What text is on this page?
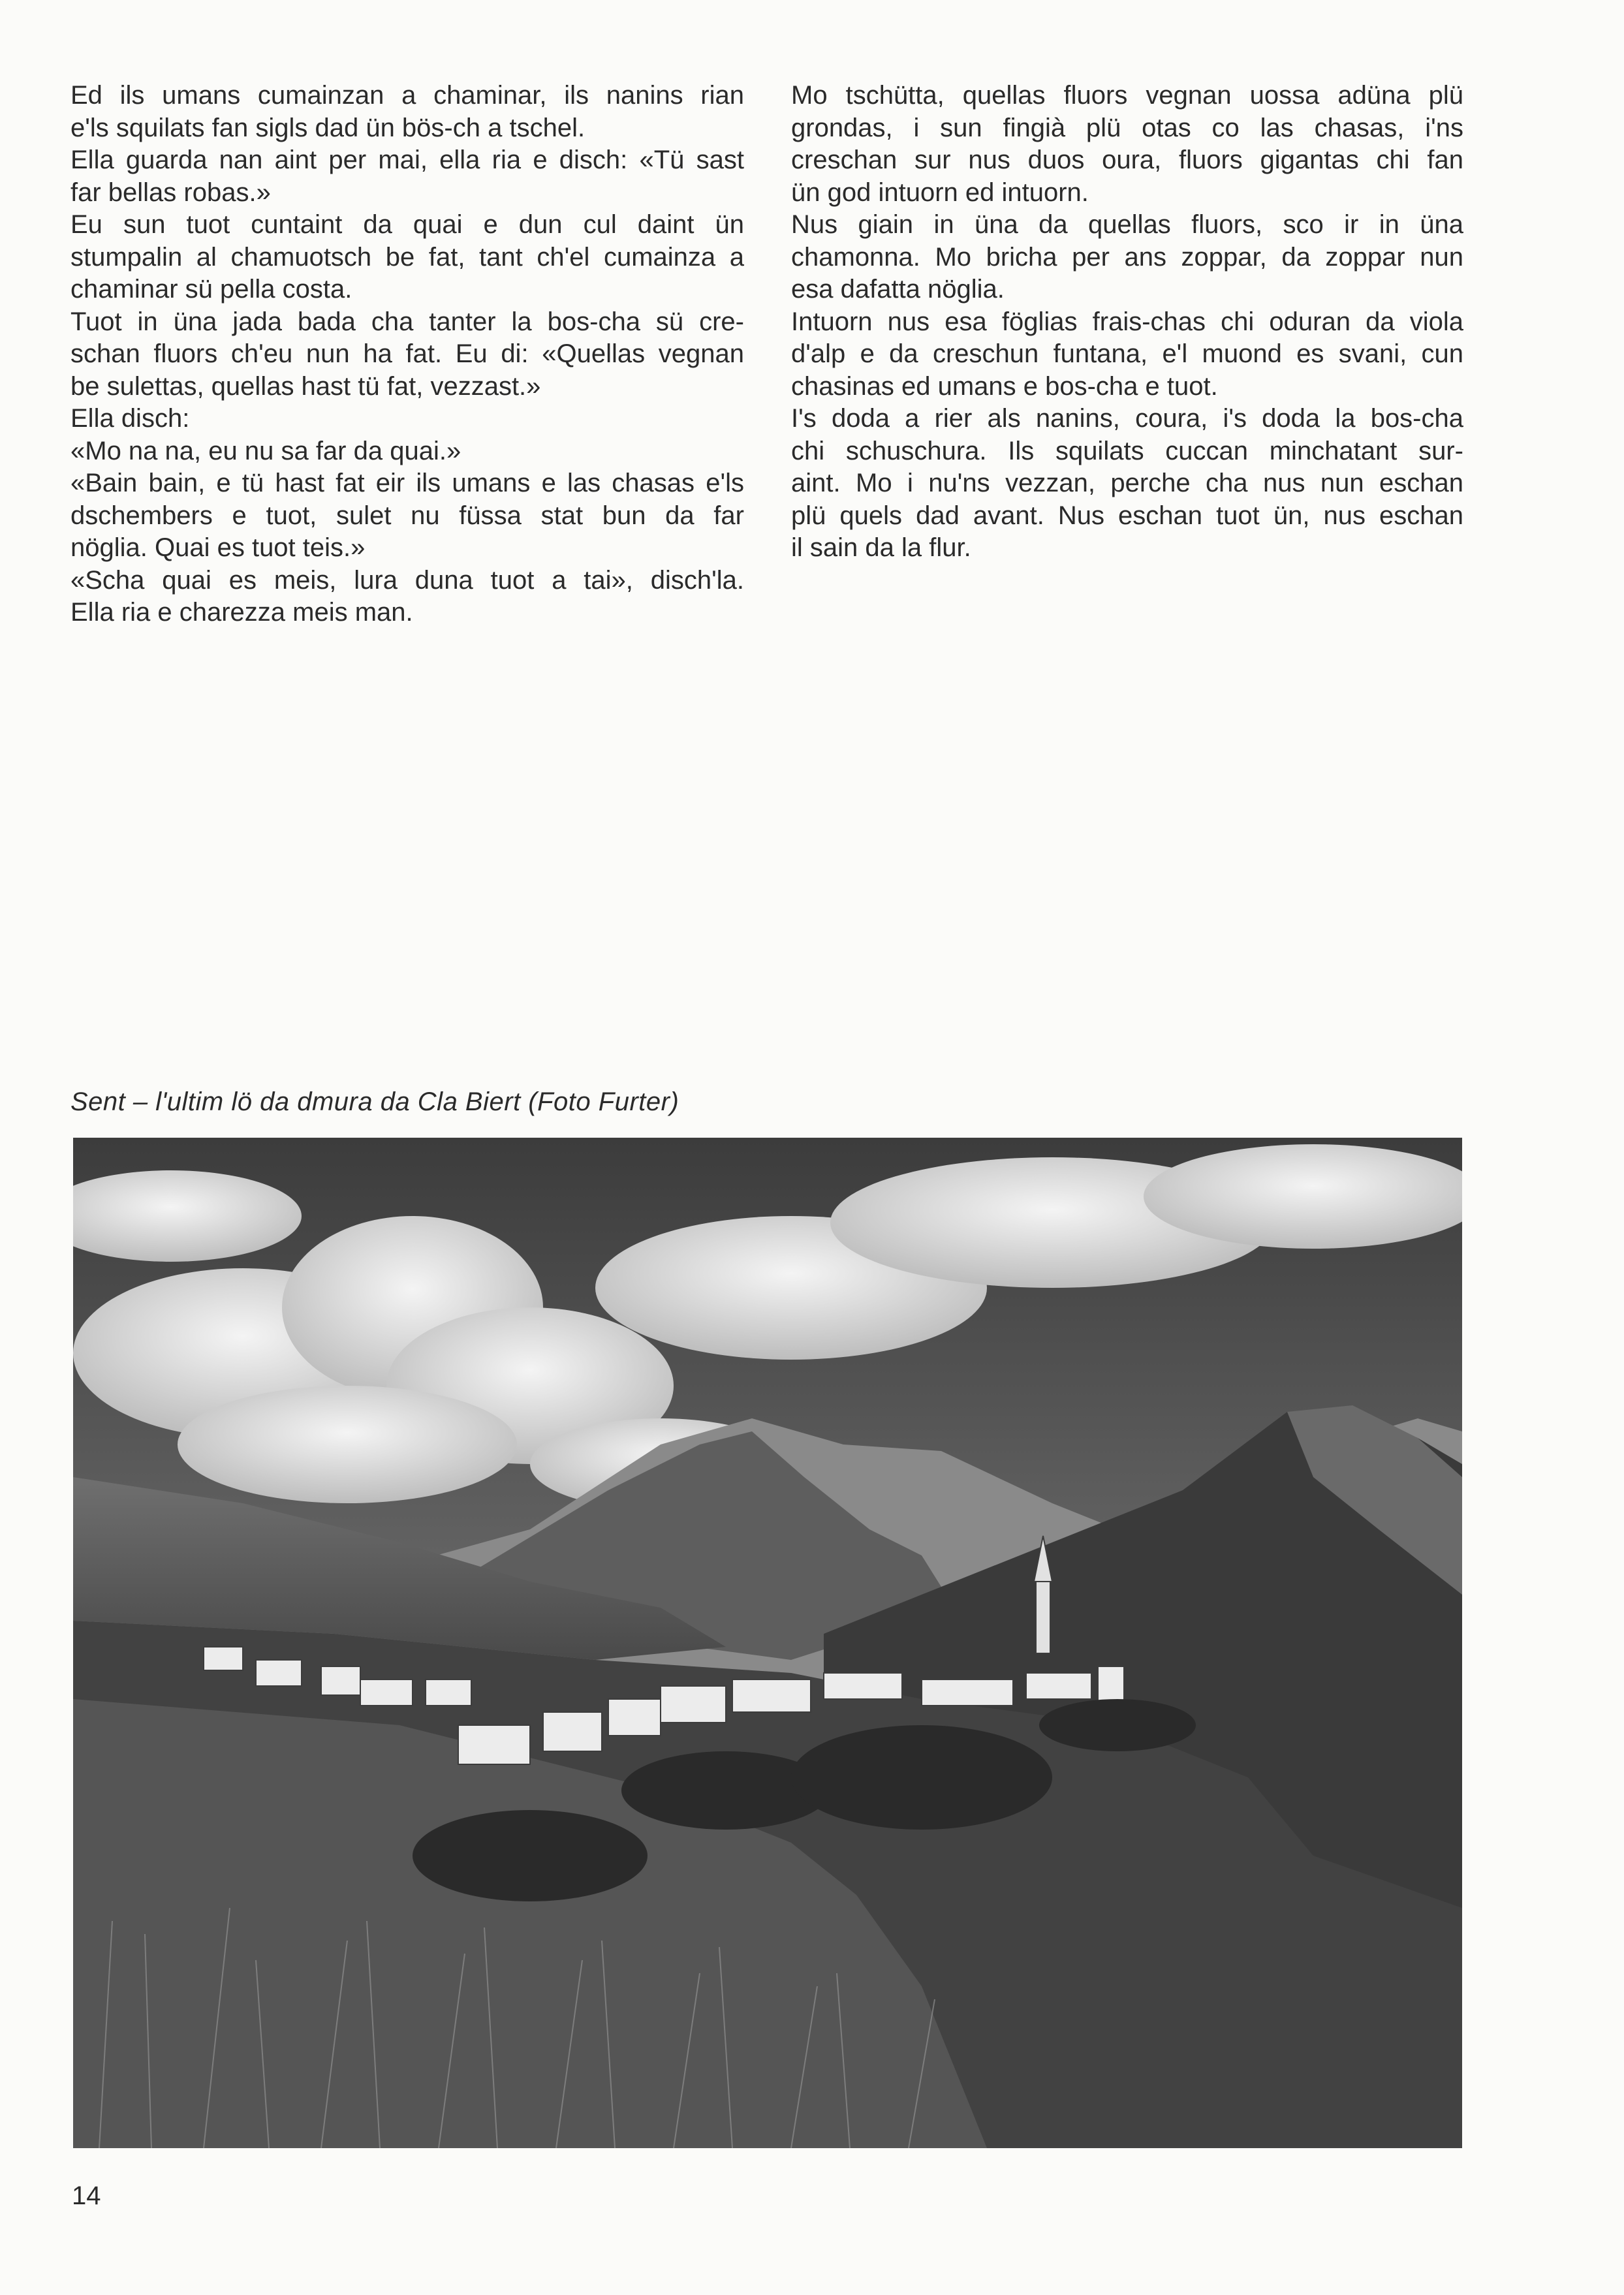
Ed ils umans cumainzan a chaminar, ils nanins rian

e'ls squilats fan sigls dad ün bös-ch a tschel.

Ella guarda nan aint per mai, ella ria e disch: «Tü sast

far bellas robas.»

Eu sun tuot cuntaint da quai e dun cul daint ün

stumpalin al chamuotsch be fat, tant ch'el cumainza a

chaminar sü pella costa.

Tuot in üna jada bada cha tanter la bos-cha sü cre-

schan fluors ch'eu nun ha fat. Eu di: «Quellas vegnan

be sulettas, quellas hast tü fat, vezzast.»

Ella disch:

«Mo na na, eu nu sa far da quai.»

«Bain bain, e tü hast fat eir ils umans e las chasas e'ls

dschembers e tuot, sulet nu füssa stat bun da far

nöglia. Quai es tuot teis.»

«Scha quai es meis, lura duna tuot a tai», disch'la.

Ella ria e charezza meis man.

Mo tschütta, quellas fluors vegnan uossa adüna plü

grondas, i sun fingià plü otas co las chasas, i'ns

creschan sur nus duos oura, fluors gigantas chi fan

ün god intuorn ed intuorn.

Nus giain in üna da quellas fluors, sco ir in üna

chamonna. Mo bricha per ans zoppar, da zoppar nun

esa dafatta nöglia.

Intuorn nus esa föglias frais-chas chi oduran da viola

d'alp e da creschun funtana, e'l muond es svani, cun

chasinas ed umans e bos-cha e tuot.

I's doda a rier als nanins, coura, i's doda la bos-cha

chi schuschura. Ils squilats cuccan minchatant sur-

aint. Mo i nu'ns vezzan, perche cha nus nun eschan

plü quels dad avant. Nus eschan tuot ün, nus eschan

il sain da la flur.

Sent – l'ultim lö da dmura da Cla Biert (Foto Furter)
14
